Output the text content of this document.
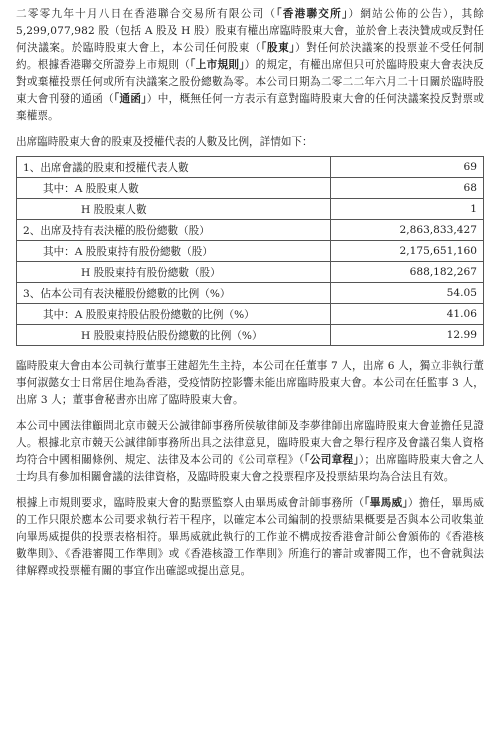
二零零九年十月八日在香港聯合交易所有限公司（「香港聯交所」）網站公佈的公告），其餘 5,299,077,982 股（包括 A 股及 H 股）股東有權出席臨時股東大會，並於會上表決贊成或反對任何決議案。於臨時股東大會上，本公司任何股東（「股東」）對任何於決議案的投票並不受任何制約。根據香港聯交所證券上市規則（「上市規則」）的規定，有權出席但只可於臨時股東大會表決反對或棄權投票任何或所有決議案之股份總數為零。本公司日期為二零二二年六月二十日關於臨時股東大會刊發的通函（「通函」）中，概無任何一方表示有意對臨時股東大會的任何決議案投反對票或棄權票。

出席臨時股東大會的股東及授權代表的人數及比例，詳情如下：

1、出席會議的股東和授權代表人數	69
其中：A 股股東人數	68
H 股股東人數	1
2、出席及持有表決權的股份總數（股）	2,863,833,427
其中：A 股股東持有股份總數（股）	2,175,651,160
H 股股東持有股份總數（股）	688,182,267
3、佔本公司有表決權股份總數的比例（%）	54.05
其中：A 股股東持股佔股份總數的比例（%）	41.06
H 股股東持股佔股份總數的比例（%）	12.99

臨時股東大會由本公司執行董事王建超先生主持，本公司在任董事 7 人，出席 6 人，獨立非執行董事何淑懿女士日常居住地為香港，受疫情防控影響未能出席臨時股東大會。本公司在任監事 3 人，出席 3 人；董事會秘書亦出席了臨時股東大會。

本公司中國法律顧問北京市競天公誠律師事務所侯敏律師及李夢律師出席臨時股東大會並擔任見證人。根據北京市競天公誠律師事務所出具之法律意見，臨時股東大會之舉行程序及會議召集人資格均符合中國相關條例、規定、法律及本公司的《公司章程》（「公司章程」）；出席臨時股東大會之人士均具有參加相關會議的法律資格，及臨時股東大會之投票程序及投票結果均為合法且有效。

根據上市規則要求，臨時股東大會的點票監察人由畢馬威會計師事務所（「畢馬威」）擔任，畢馬威的工作只限於應本公司要求執行若干程序，以確定本公司編制的投票結果概要是否與本公司收集並向畢馬威提供的投票表格相符。畢馬威就此執行的工作並不構成按香港會計師公會頒佈的《香港核數準則》、《香港審閱工作準則》或《香港核證工作準則》所進行的審計或審閱工作，也不會就與法律解釋或投票權有關的事宜作出確認或提出意見。
